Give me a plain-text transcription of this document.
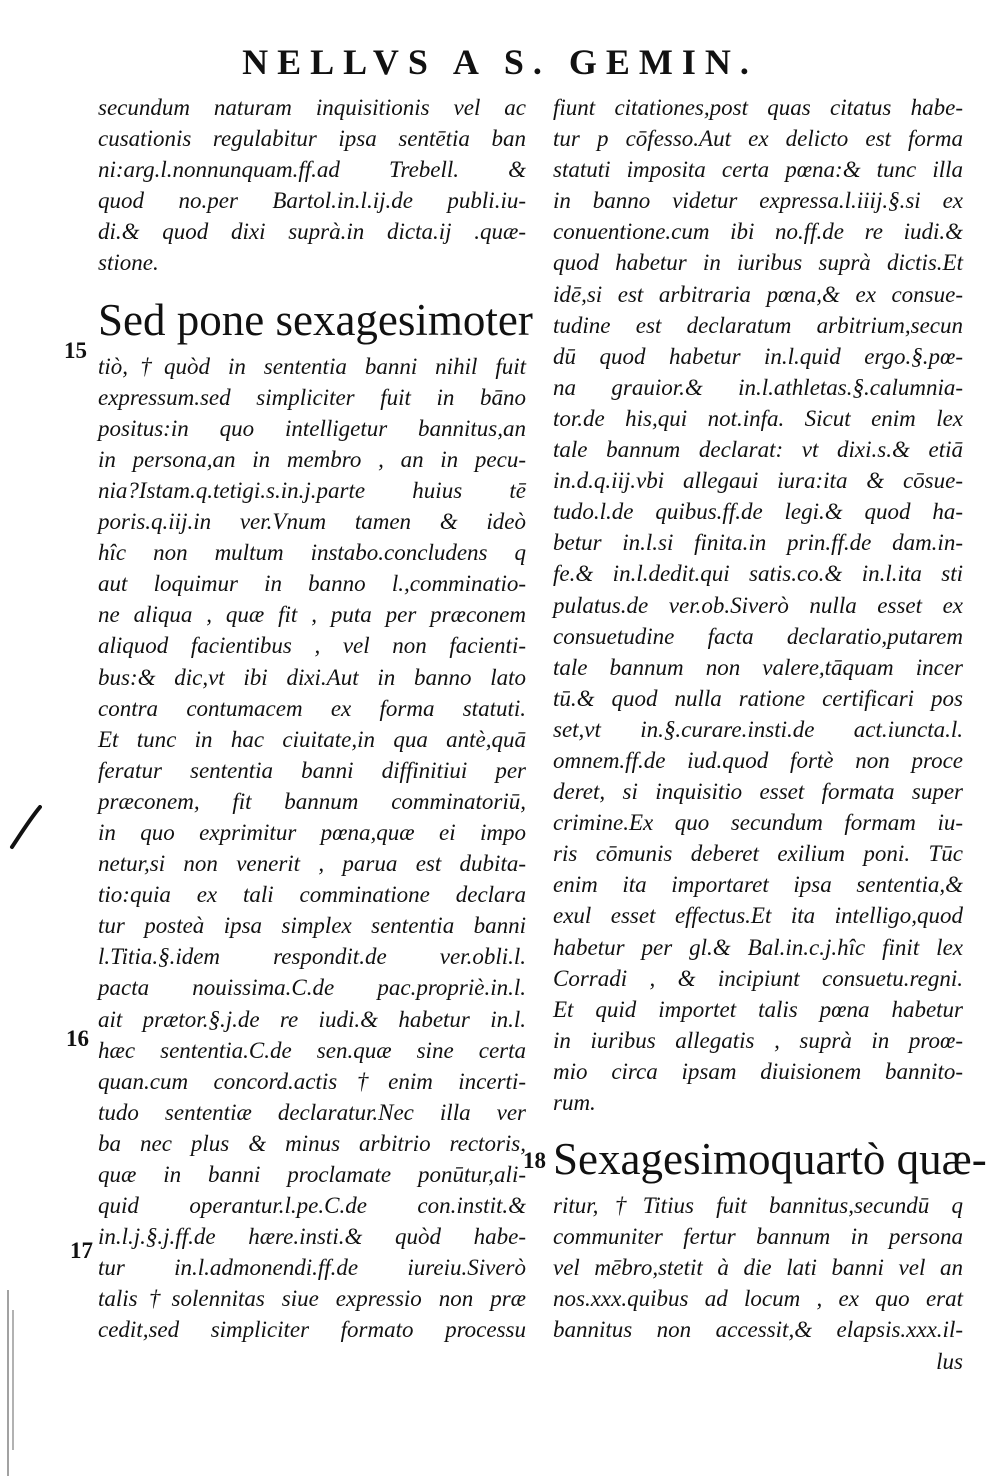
NELLVS A S. GEMIN.
secundum naturam inquisitionis vel ac
cusationis regulabitur ipsa sentētia ban
ni:arg.l.nonnunquam.ff.ad Trebell. &
quod no.per Bartol.in.l.ij.de publi.iu-
di.& quod dixi suprà.in dicta.ij .quæ-
stione.
Sed pone sexagesimoter
tiò,†quòd in sententia banni nihil fuit
expressum.sed simpliciter fuit in bāno
positus:in quo intelligetur bannitus,an
in persona,an in membro , an in pecu-
nia?Istam.q.tetigi.s.in.j.parte huius tē
poris.q.iij.in ver.Vnum tamen & ideò
hîc non multum instabo.concludens q
aut loquimur in banno l.,comminatio-
ne aliqua , quæ fit , puta per præconem
aliquod facientibus , vel non facienti-
bus:& dic,vt ibi dixi.Aut in banno lato
contra contumacem ex forma statuti.
Et tunc in hac ciuitate,in qua antè,quā
feratur sententia banni diffinitiui per
præconem, fit bannum comminatoriū,
in quo exprimitur pœna,quæ ei impo
netur,si non venerit , parua est dubita-
tio:quia ex tali comminatione declara
tur posteà ipsa simplex sententia banni
l.Titia.§.idem respondit.de ver.obli.l.
pacta nouissima.C.de pac.propriè.in.l.
ait prætor.§.j.de re iudi.& habetur in.l.
hæc sententia.C.de sen.quæ sine certa
quan.cum concord.actis†enim incerti-
tudo sententiæ declaratur.Nec illa ver
ba nec plus & minus arbitrio rectoris,
quæ in banni proclamate ponūtur,ali-
quid operantur.l.pe.C.de con.instit.&
in.l.j.§.j.ff.de hære.insti.& quòd habe-
tur in.l.admonendi.ff.de iureiu.Siverò
talis†solennitas siue expressio non præ
cedit,sed simpliciter formato processu
fiunt citationes,post quas citatus habe-
tur p cōfesso.Aut ex delicto est forma
statuti imposita certa pœna:& tunc illa
in banno videtur expressa.l.iiij.§.si ex
conuentione.cum ibi no.ff.de re iudi.&
quod habetur in iuribus suprà dictis.Et
idē,si est arbitraria pœna,& ex consue-
tudine est declaratum arbitrium,secun
dū quod habetur in.l.quid ergo.§.pœ-
na grauior.& in.l.athletas.§.calumnia-
tor.de his,qui not.infa. Sicut enim lex
tale bannum declarat: vt dixi.s.& etiā
in.d.q.iij.vbi allegaui iura:ita & cōsue-
tudo.l.de quibus.ff.de legi.& quod ha-
betur in.l.si finita.in prin.ff.de dam.in-
fe.& in.l.dedit.qui satis.co.& in.l.ita sti
pulatus.de ver.ob.Siverò nulla esset ex
consuetudine facta declaratio,putarem
tale bannum non valere,tāquam incer
tū.& quod nulla ratione certificari pos
set,vt in.§.curare.insti.de act.iuncta.l.
omnem.ff.de iud.quod fortè non proce
deret, si inquisitio esset formata super
crimine.Ex quo secundum formam iu-
ris cōmunis deberet exilium poni. Tūc
enim ita importaret ipsa sententia,&
exul esset effectus.Et ita intelligo,quod
habetur per gl.& Bal.in.c.j.hîc finit lex
Corradi , & incipiunt consuetu.regni.
Et quid importet talis pœna habetur
in iuribus allegatis , suprà in proœ-
mio circa ipsam diuisionem bannito-
rum.
Sexagesimoquartò quæ-
ritur,†Titius fuit bannitus,secundū q
communiter fertur bannum in persona
vel mēbro,stetit à die lati banni vel an
nos.xxx.quibus ad locum , ex quo erat
bannitus non accessit,& elapsis.xxx.il-
lus
15
16
17
18
